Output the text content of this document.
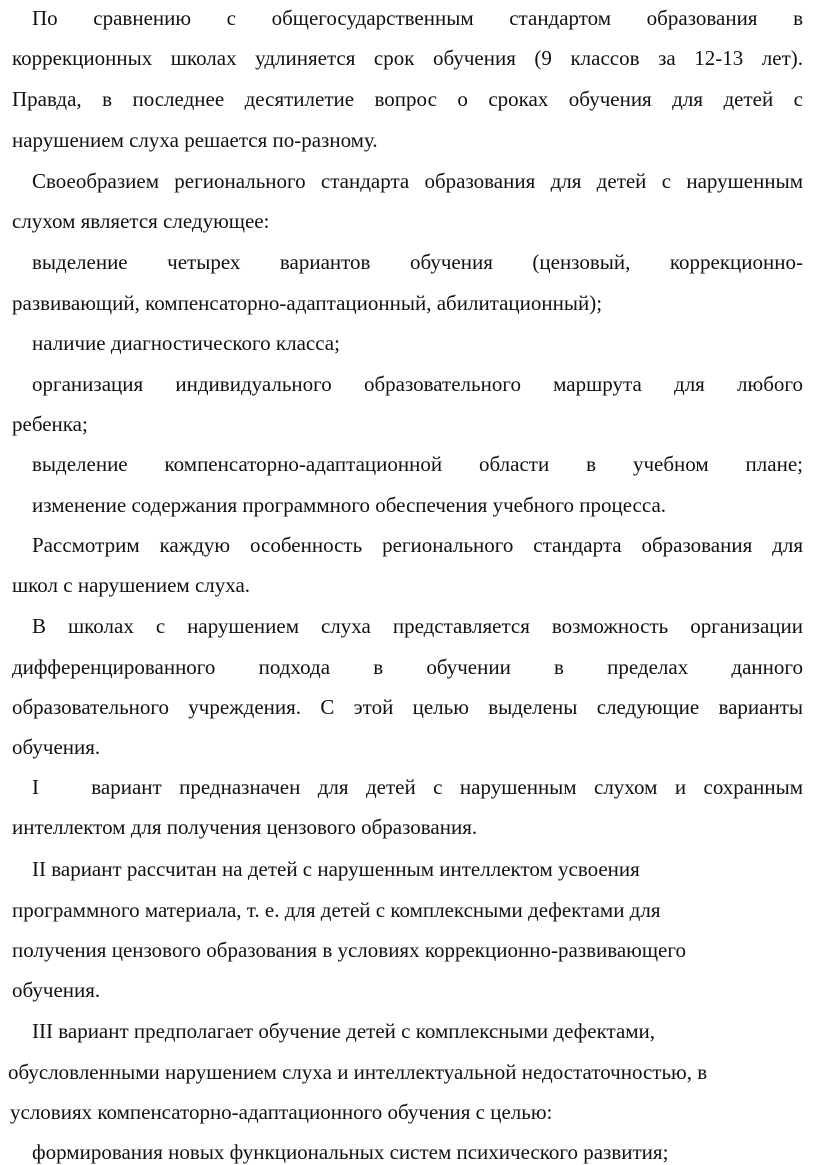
По сравнению с общегосударственным стандартом образования в
коррекционных школах удлиняется срок обучения (9 классов за 12-13 лет).
Правда, в последнее десятилетие вопрос о сроках обучения для детей с
нарушением слуха решается по-разному.
Своеобразием регионального стандарта образования для детей с нарушенным
слухом является следующее:
выделение четырех вариантов обучения (цензовый, коррекционно-
развивающий, компенсаторно-адаптационный, абилитационный);
наличие диагностического класса;
организация индивидуального образовательного маршрута для любого
ребенка;
выделение компенсаторно-адаптационной области в учебном плане;
изменение содержания программного обеспечения учебного процесса.
Рассмотрим каждую особенность регионального стандарта образования для
школ с нарушением слуха.
В школах с нарушением слуха представляется возможность организации
дифференцированного подхода в обучении в пределах данного
образовательного учреждения. С этой целью выделены следующие варианты
обучения.
I   вариант предназначен для детей с нарушенным слухом и сохранным
интеллектом для получения цензового образования.
II вариант рассчитан на детей с нарушенным интеллектом усвоения
программного материала, т. е. для детей с комплексными дефектами для
получения цензового образования в условиях коррекционно-развивающего
обучения.
III вариант предполагает обучение детей с комплексными дефектами,
обусловленными нарушением слуха и интеллектуальной недостаточностью, в
условиях компенсаторно-адаптационного обучения с целью:
формирования новых функциональных систем психического развития;
